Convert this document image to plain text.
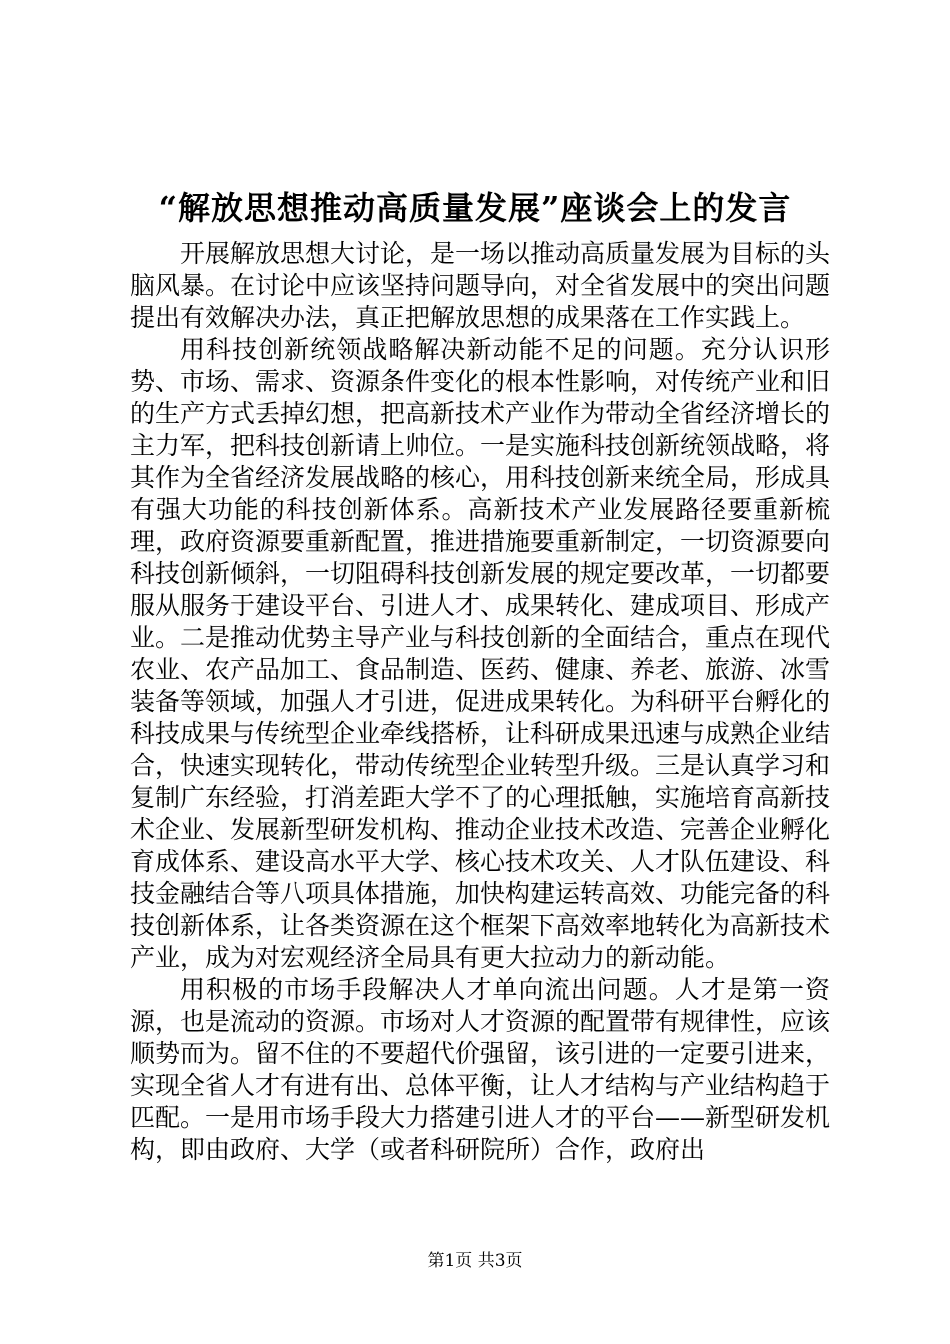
“解放思想推动高质量发展”座谈会上的发言

开展解放思想大讨论，是一场以推动高质量发展为目标的头脑风暴。在讨论中应该坚持问题导向，对全省发展中的突出问题提出有效解决办法，真正把解放思想的成果落在工作实践上。

用科技创新统领战略解决新动能不足的问题。充分认识形势、市场、需求、资源条件变化的根本性影响，对传统产业和旧的生产方式丢掉幻想，把高新技术产业作为带动全省经济增长的主力军，把科技创新请上帅位。一是实施科技创新统领战略，将其作为全省经济发展战略的核心，用科技创新来统全局，形成具有强大功能的科技创新体系。高新技术产业发展路径要重新梳理，政府资源要重新配置，推进措施要重新制定，一切资源要向科技创新倾斜，一切阻碍科技创新发展的规定要改革，一切都要服从服务于建设平台、引进人才、成果转化、建成项目、形成产业。二是推动优势主导产业与科技创新的全面结合，重点在现代农业、农产品加工、食品制造、医药、健康、养老、旅游、冰雪装备等领域，加强人才引进，促进成果转化。为科研平台孵化的科技成果与传统型企业牵线搭桥，让科研成果迅速与成熟企业结合，快速实现转化，带动传统型企业转型升级。三是认真学习和复制广东经验，打消差距大学不了的心理抵触，实施培育高新技术企业、发展新型研发机构、推动企业技术改造、完善企业孵化育成体系、建设高水平大学、核心技术攻关、人才队伍建设、科技金融结合等八项具体措施，加快构建运转高效、功能完备的科技创新体系，让各类资源在这个框架下高效率地转化为高新技术产业，成为对宏观经济全局具有更大拉动力的新动能。

用积极的市场手段解决人才单向流出问题。人才是第一资源，也是流动的资源。市场对人才资源的配置带有规律性，应该顺势而为。留不住的不要超代价强留，该引进的一定要引进来，实现全省人才有进有出、总体平衡，让人才结构与产业结构趋于匹配。一是用市场手段大力搭建引进人才的平台——新型研发机构，即由政府、大学（或者科研院所）合作，政府出

第1页 共3页
